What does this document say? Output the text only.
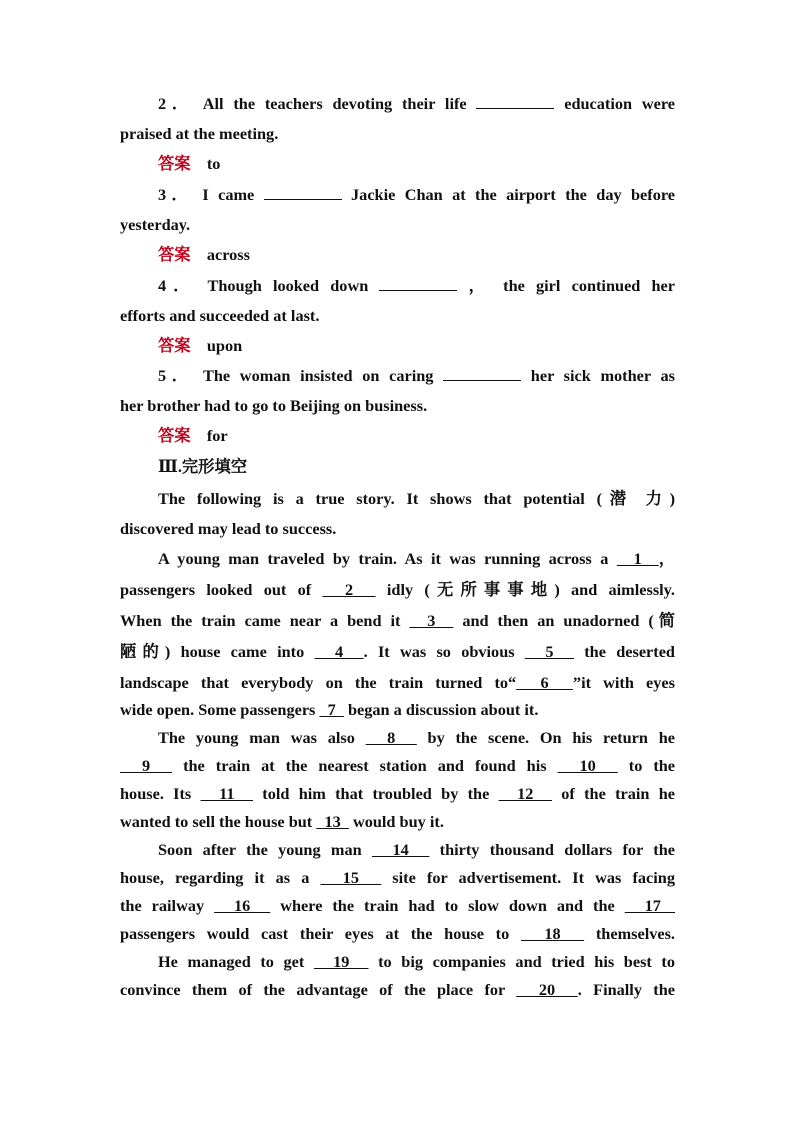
2． All the teachers devoting their life	education were
praised at the meeting.
答案 to
3． I came	Jackie Chan at the airport the day before
yesterday.
答案 across
4． Though looked down	， the girl continued her
efforts and succeeded at last.
答案 upon
5． The woman insisted on caring	her sick mother as
her brother had to go to Beijing on business.
答案 for
Ⅲ.完形填空
The following is a true story. It shows that potential (潜 力)
discovered may lead to success.
A young man traveled by train. As it was running across a   1  ，
passengers looked out of   2   idly (无所事事地) and aimlessly.
When the train came near a bend it   3   and then an unadorned (简
陋的) house came into   4  . It was so obvious   5   the deserted
landscape that everybody on the train turned to“  6  ”it with eyes
wide open. Some passengers   7   began a discussion about it.
The young man was also   8   by the scene. On his return he
9   the train at the nearest station and found his   10   to the
house. Its   11   told him that troubled by the   12   of the train he
wanted to sell the house but   13   would buy it.
Soon after the young man   14   thirty thousand dollars for the
house, regarding it as a   15   site for advertisement. It was facing
the railway   16   where the train had to slow down and the   17
passengers would cast their eyes at the house to   18   themselves.
He managed to get   19   to big companies and tried his best to
convince them of the advantage of the place for   20  . Finally the
